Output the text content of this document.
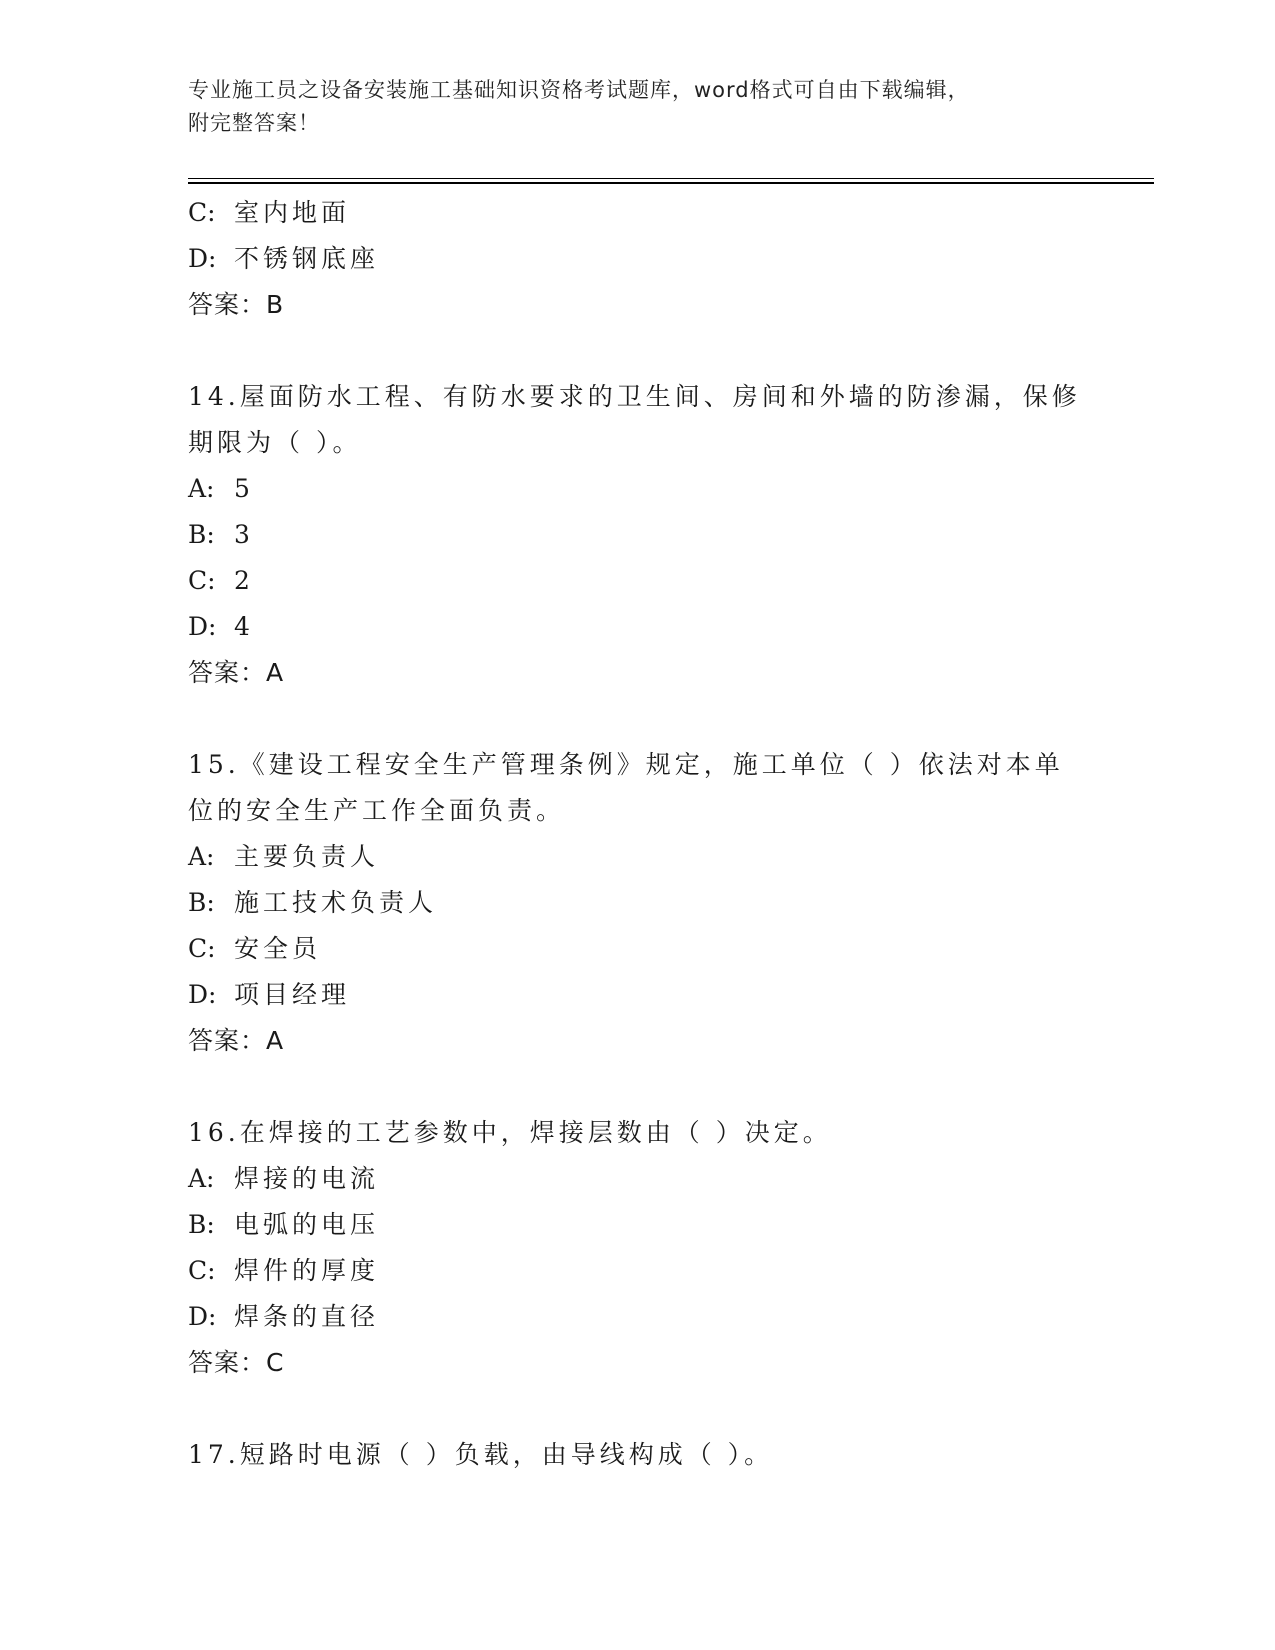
专业施工员之设备安装施工基础知识资格考试题库，word格式可自由下载编辑，
附完整答案！
C: 室内地面
D: 不锈钢底座
答案：B
14.屋面防水工程、有防水要求的卫生间、房间和外墙的防渗漏，保修
期限为（ ）。
A: 5
B: 3
C: 2
D: 4
答案：A
15.《建设工程安全生产管理条例》规定，施工单位（ ）依法对本单
位的安全生产工作全面负责。
A: 主要负责人
B: 施工技术负责人
C: 安全员
D: 项目经理
答案：A
16.在焊接的工艺参数中，焊接层数由（ ）决定。
A: 焊接的电流
B: 电弧的电压
C: 焊件的厚度
D: 焊条的直径
答案：C
17.短路时电源（ ）负载，由导线构成（ ）。
